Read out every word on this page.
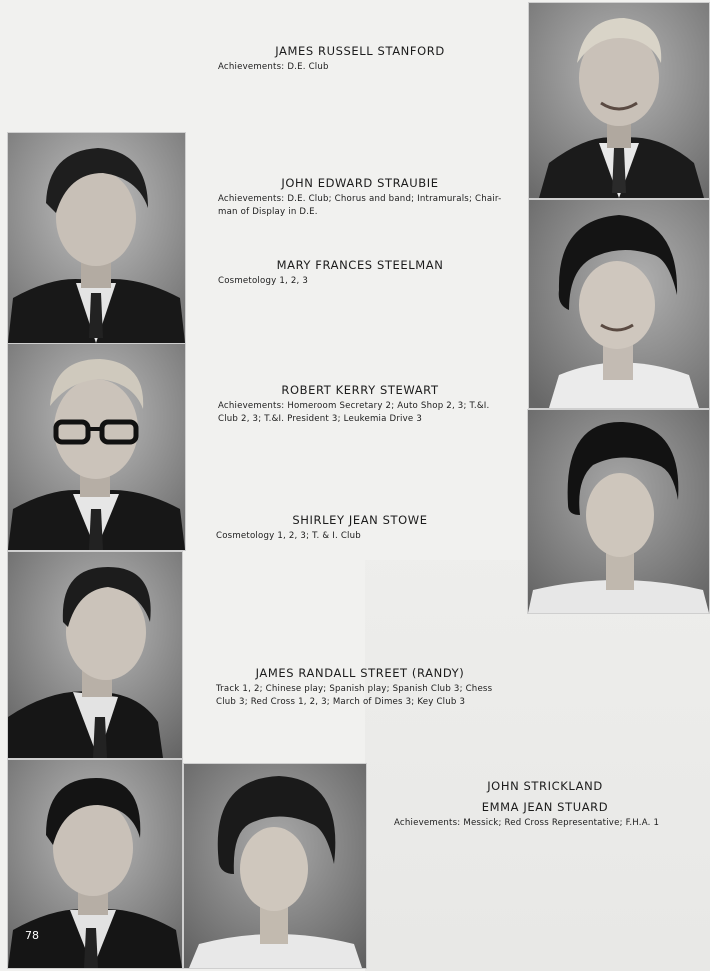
JAMES RUSSELL STANFORD

Achievements: D.E. Club

JOHN EDWARD STRAUBIE

Achievements: D.E. Club; Chorus and band; Intramurals; Chair-
man of Display in D.E.

MARY FRANCES STEELMAN

Cosmetology 1, 2, 3

ROBERT KERRY STEWART

Achievements: Homeroom Secretary 2; Auto Shop 2, 3; T.&I.
Club 2, 3; T.&I. President 3; Leukemia Drive 3

SHIRLEY JEAN STOWE

Cosmetology 1, 2, 3; T. & I. Club

JAMES RANDALL STREET (RANDY)

Track 1, 2; Chinese play; Spanish play; Spanish Club 3; Chess
Club 3; Red Cross 1, 2, 3; March of Dimes 3; Key Club 3

JOHN STRICKLAND
EMMA JEAN STUARD

Achievements: Messick; Red Cross Representative; F.H.A. 1

78
